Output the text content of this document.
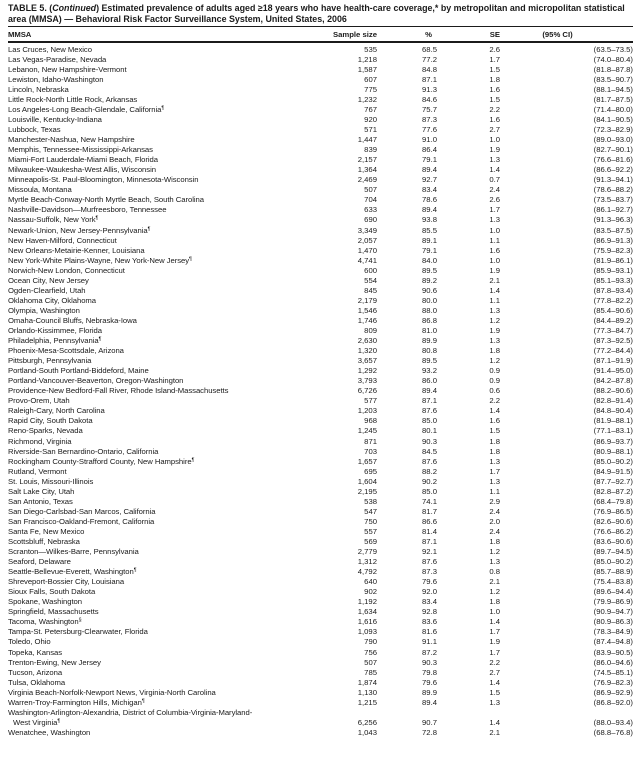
TABLE 5. (Continued) Estimated prevalence of adults aged ≥18 years who have health-care coverage,* by metropolitan and micropolitan statistical area (MMSA) — Behavioral Risk Factor Surveillance System, United States, 2006

MMSA	Sample size	%	SE	(95% CI)
Las Cruces, New Mexico	535	68.5	2.6	(63.5–73.5)
Las Vegas-Paradise, Nevada	1,218	77.2	1.7	(74.0–80.4)
Lebanon, New Hampshire-Vermont	1,587	84.8	1.5	(81.8–87.8)
Lewiston, Idaho-Washington	607	87.1	1.8	(83.5–90.7)
Lincoln, Nebraska	775	91.3	1.6	(88.1–94.5)
Little Rock-North Little Rock, Arkansas	1,232	84.6	1.5	(81.7–87.5)
Los Angeles-Long Beach-Glendale, California¶	767	75.7	2.2	(71.4–80.0)
Louisville, Kentucky-Indiana	920	87.3	1.6	(84.1–90.5)
Lubbock, Texas	571	77.6	2.7	(72.3–82.9)
Manchester-Nashua, New Hampshire	1,447	91.0	1.0	(89.0–93.0)
Memphis, Tennessee-Mississippi-Arkansas	839	86.4	1.9	(82.7–90.1)
Miami-Fort Lauderdale-Miami Beach, Florida	2,157	79.1	1.3	(76.6–81.6)
Milwaukee-Waukesha-West Allis, Wisconsin	1,364	89.4	1.4	(86.6–92.2)
Minneapolis-St. Paul-Bloomington, Minnesota-Wisconsin	2,469	92.7	0.7	(91.3–94.1)
Missoula, Montana	507	83.4	2.4	(78.6–88.2)
Myrtle Beach-Conway-North Myrtle Beach, South Carolina	704	78.6	2.6	(73.5–83.7)
Nashville-Davidson—Murfreesboro, Tennessee	633	89.4	1.7	(86.1–92.7)
Nassau-Suffolk, New York¶	690	93.8	1.3	(91.3–96.3)
Newark-Union, New Jersey-Pennsylvania¶	3,349	85.5	1.0	(83.5–87.5)
New Haven-Milford, Connecticut	2,057	89.1	1.1	(86.9–91.3)
New Orleans-Metairie-Kenner, Louisiana	1,470	79.1	1.6	(75.9–82.3)
New York-White Plains-Wayne, New York-New Jersey¶	4,741	84.0	1.0	(81.9–86.1)
Norwich-New London, Connecticut	600	89.5	1.9	(85.9–93.1)
Ocean City, New Jersey	554	89.2	2.1	(85.1–93.3)
Ogden-Clearfield, Utah	845	90.6	1.4	(87.8–93.4)
Oklahoma City, Oklahoma	2,179	80.0	1.1	(77.8–82.2)
Olympia, Washington	1,546	88.0	1.3	(85.4–90.6)
Omaha-Council Bluffs, Nebraska-Iowa	1,746	86.8	1.2	(84.4–89.2)
Orlando-Kissimmee, Florida	809	81.0	1.9	(77.3–84.7)
Philadelphia, Pennsylvania¶	2,630	89.9	1.3	(87.3–92.5)
Phoenix-Mesa-Scottsdale, Arizona	1,320	80.8	1.8	(77.2–84.4)
Pittsburgh, Pennsylvania	3,657	89.5	1.2	(87.1–91.9)
Portland-South Portland-Biddeford, Maine	1,292	93.2	0.9	(91.4–95.0)
Portland-Vancouver-Beaverton, Oregon-Washington	3,793	86.0	0.9	(84.2–87.8)
Providence-New Bedford-Fall River, Rhode Island-Massachusetts	6,726	89.4	0.6	(88.2–90.6)
Provo-Orem, Utah	577	87.1	2.2	(82.8–91.4)
Raleigh-Cary, North Carolina	1,203	87.6	1.4	(84.8–90.4)
Rapid City, South Dakota	968	85.0	1.6	(81.9–88.1)
Reno-Sparks, Nevada	1,245	80.1	1.5	(77.1–83.1)
Richmond, Virginia	871	90.3	1.8	(86.9–93.7)
Riverside-San Bernardino-Ontario, California	703	84.5	1.8	(80.9–88.1)
Rockingham County-Strafford County, New Hampshire¶	1,657	87.6	1.3	(85.0–90.2)
Rutland, Vermont	695	88.2	1.7	(84.9–91.5)
St. Louis, Missouri-Illinois	1,604	90.2	1.3	(87.7–92.7)
Salt Lake City, Utah	2,195	85.0	1.1	(82.8–87.2)
San Antonio, Texas	538	74.1	2.9	(68.4–79.8)
San Diego-Carlsbad-San Marcos, California	547	81.7	2.4	(76.9–86.5)
San Francisco-Oakland-Fremont, California	750	86.6	2.0	(82.6–90.6)
Santa Fe, New Mexico	557	81.4	2.4	(76.6–86.2)
Scottsbluff, Nebraska	569	87.1	1.8	(83.6–90.6)
Scranton—Wilkes-Barre, Pennsylvania	2,779	92.1	1.2	(89.7–94.5)
Seaford, Delaware	1,312	87.6	1.3	(85.0–90.2)
Seattle-Bellevue-Everett, Washington¶	4,792	87.3	0.8	(85.7–88.9)
Shreveport-Bossier City, Louisiana	640	79.6	2.1	(75.4–83.8)
Sioux Falls, South Dakota	902	92.0	1.2	(89.6–94.4)
Spokane, Washington	1,192	83.4	1.8	(79.9–86.9)
Springfield, Massachusetts	1,634	92.8	1.0	(90.9–94.7)
Tacoma, Washington§	1,616	83.6	1.4	(80.9–86.3)
Tampa-St. Petersburg-Clearwater, Florida	1,093	81.6	1.7	(78.3–84.9)
Toledo, Ohio	790	91.1	1.9	(87.4–94.8)
Topeka, Kansas	756	87.2	1.7	(83.9–90.5)
Trenton-Ewing, New Jersey	507	90.3	2.2	(86.0–94.6)
Tucson, Arizona	785	79.8	2.7	(74.5–85.1)
Tulsa, Oklahoma	1,874	79.6	1.4	(76.9–82.3)
Virginia Beach-Norfolk-Newport News, Virginia-North Carolina	1,130	89.9	1.5	(86.9–92.9)
Warren-Troy-Farmington Hills, Michigan¶	1,215	89.4	1.3	(86.8–92.0)
Washington-Arlington-Alexandria, District of Columbia-Virginia-Maryland-
West Virginia¶	6,256	90.7	1.4	(88.0–93.4)
Wenatchee, Washington	1,043	72.8	2.1	(68.8–76.8)
